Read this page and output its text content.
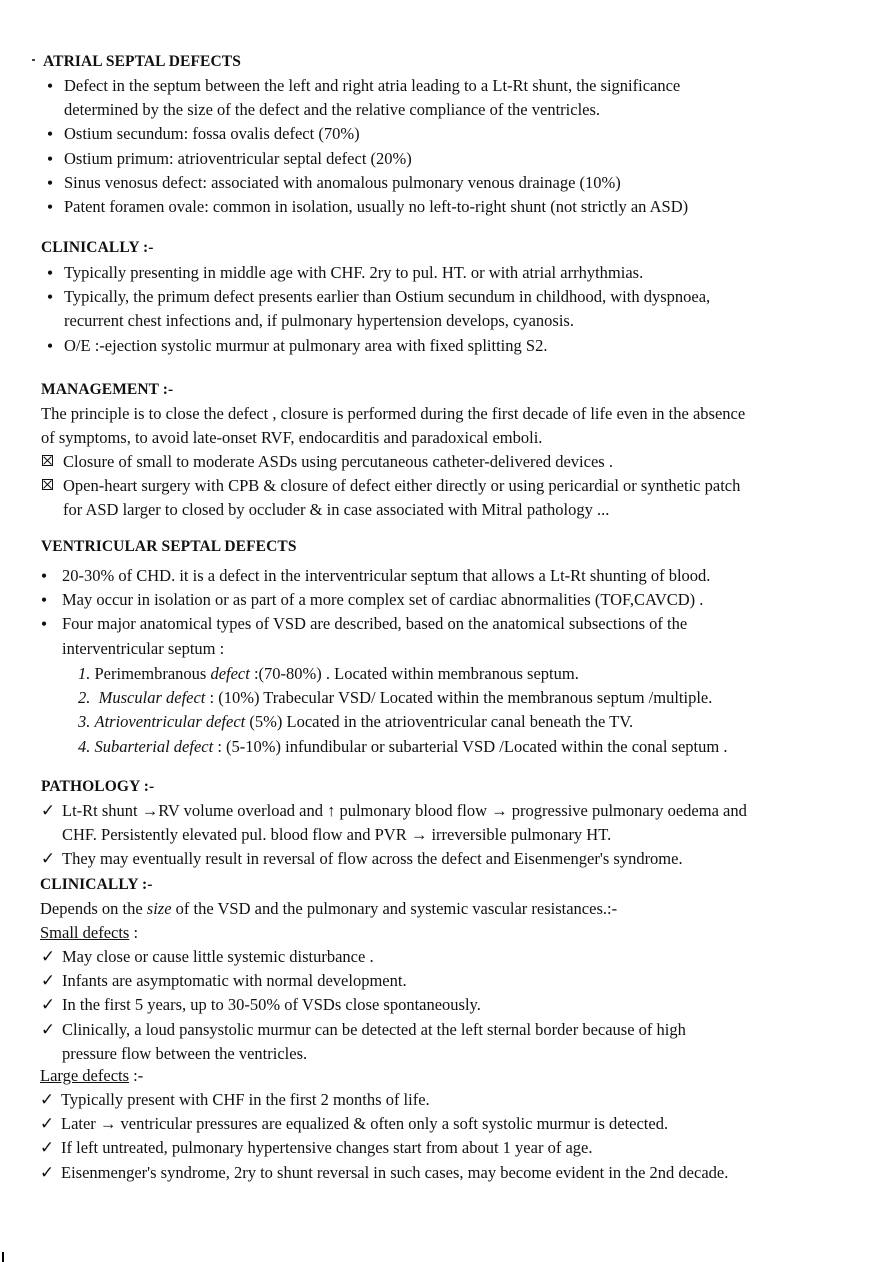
ATRIAL SEPTAL DEFECTS
• Defect in the septum between the left and right atria leading to a Lt-Rt shunt, the significance
determined by the size of the defect and the relative compliance of the ventricles.
• Ostium secundum: fossa ovalis defect (70%)
• Ostium primum: atrioventricular septal defect (20%)
• Sinus venosus defect: associated with anomalous pulmonary venous drainage (10%)
• Patent foramen ovale: common in isolation, usually no left-to-right shunt (not strictly an ASD)
CLINICALLY :-
• Typically presenting in middle age with CHF. 2ry to pul. HT. or with atrial arrhythmias.
• Typically, the primum defect presents earlier than Ostium secundum in childhood, with dyspnoea,
recurrent chest infections and, if pulmonary hypertension develops, cyanosis.
• O/E :-ejection systolic murmur at pulmonary area with fixed splitting S2.
MANAGEMENT :-
The principle is to close the defect , closure is performed during the first decade of life even in the absence
of symptoms, to avoid late-onset RVF, endocarditis and paradoxical emboli.
Closure of small to moderate ASDs using percutaneous catheter-delivered devices .
Open-heart surgery with CPB & closure of defect either directly or using pericardial or synthetic patch
for ASD larger to closed by occluder & in case associated with Mitral pathology ...
VENTRICULAR SEPTAL DEFECTS
• 20-30% of CHD. it is a defect in the interventricular septum that allows a Lt-Rt shunting of blood.
• May occur in isolation or as part of a more complex set of cardiac abnormalities (TOF,CAVCD) .
• Four major anatomical types of VSD are described, based on the anatomical subsections of the
interventricular septum :
1. Perimembranous defect :(70-80%) . Located within membranous septum.
2. Muscular defect : (10%) Trabecular VSD/ Located within the membranous septum /multiple.
3. Atrioventricular defect (5%) Located in the atrioventricular canal beneath the TV.
4. Subarterial defect : (5-10%) infundibular or subarterial VSD /Located within the conal septum .
PATHOLOGY :-
✓ Lt-Rt shunt →RV volume overload and ↑ pulmonary blood flow → progressive pulmonary oedema and
CHF. Persistently elevated pul. blood flow and PVR → irreversible pulmonary HT.
✓ They may eventually result in reversal of flow across the defect and Eisenmenger's syndrome.
CLINICALLY :-
Depends on the size of the VSD and the pulmonary and systemic vascular resistances.:-
Small defects :
✓ May close or cause little systemic disturbance .
✓ Infants are asymptomatic with normal development.
✓ In the first 5 years, up to 30-50% of VSDs close spontaneously.
✓ Clinically, a loud pansystolic murmur can be detected at the left sternal border because of high
pressure flow between the ventricles.
Large defects :-
✓ Typically present with CHF in the first 2 months of life.
✓ Later → ventricular pressures are equalized & often only a soft systolic murmur is detected.
✓ If left untreated, pulmonary hypertensive changes start from about 1 year of age.
✓ Eisenmenger's syndrome, 2ry to shunt reversal in such cases, may become evident in the 2nd decade.
